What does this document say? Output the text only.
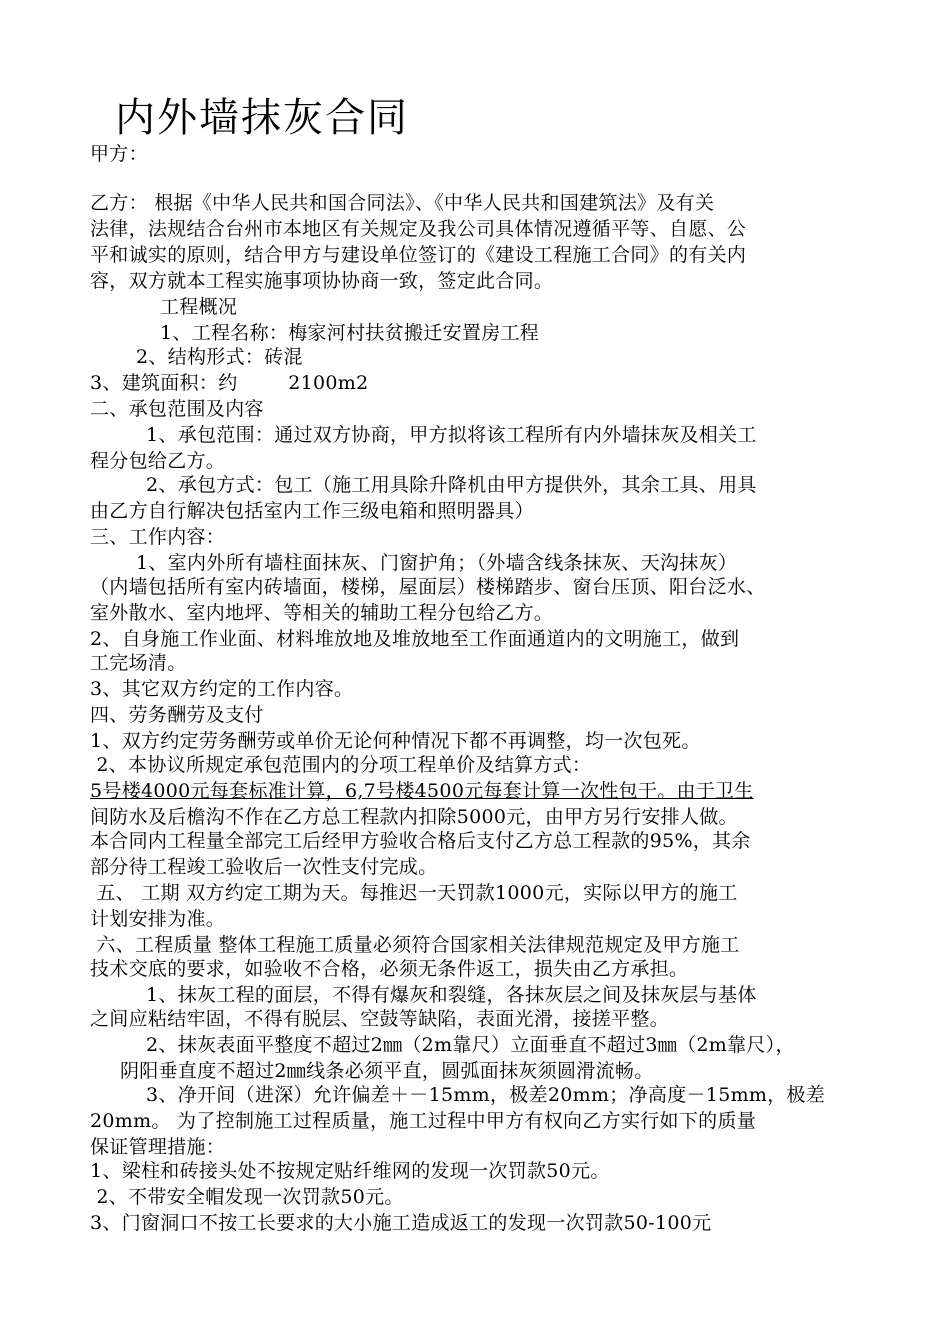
内外墙抹灰合同
甲方：
乙方： 根据《中华人民共和国合同法》、《中华人民共和国建筑法》及有关
法律，法规结合台州市本地区有关规定及我公司具体情况遵循平等、自愿、公
平和诚实的原则，结合甲方与建设单位签订的《建设工程施工合同》的有关内
容，双方就本工程实施事项协协商一致，签定此合同。
工程概况
1、工程名称：梅家河村扶贫搬迁安置房工程
2、结构形式：砖混
3、建筑面积：约        2100m2
二、承包范围及内容
1、承包范围：通过双方协商，甲方拟将该工程所有内外墙抹灰及相关工
程分包给乙方。
2、承包方式：包工（施工用具除升降机由甲方提供外，其余工具、用具
由乙方自行解决包括室内工作三级电箱和照明器具）
三、工作内容：
1、室内外所有墙柱面抹灰、门窗护角；（外墙含线条抹灰、天沟抹灰）
（内墙包括所有室内砖墙面，楼梯，屋面层）楼梯踏步、窗台压顶、阳台泛水、
室外散水、室内地坪、等相关的辅助工程分包给乙方。
2、自身施工作业面、材料堆放地及堆放地至工作面通道内的文明施工，做到
工完场清。
3、其它双方约定的工作内容。
四、劳务酬劳及支付
1、双方约定劳务酬劳或单价无论何种情况下都不再调整，均一次包死。
2、本协议所规定承包范围内的分项工程单价及结算方式：
5号楼4000元每套标准计算，6,7号楼4500元每套计算一次性包干。由于卫生
间防水及后檐沟不作在乙方总工程款内扣除5000元，由甲方另行安排人做。
本合同内工程量全部完工后经甲方验收合格后支付乙方总工程款的95%，其余
部分待工程竣工验收后一次性支付完成。
五、 工期 双方约定工期为天。每推迟一天罚款1000元，实际以甲方的施工
计划安排为准。
六、工程质量 整体工程施工质量必须符合国家相关法律规范规定及甲方施工
技术交底的要求，如验收不合格，必须无条件返工，损失由乙方承担。
1、抹灰工程的面层，不得有爆灰和裂缝，各抹灰层之间及抹灰层与基体
之间应粘结牢固，不得有脱层、空鼓等缺陷，表面光滑，接搓平整。
2、抹灰表面平整度不超过2㎜（2m靠尺）立面垂直不超过3㎜（2m靠尺），
阴阳垂直度不超过2㎜线条必须平直，圆弧面抹灰须圆滑流畅。
3、净开间（进深）允许偏差＋－15mm，极差20mm；净高度－15mm，极差
20mm。 为了控制施工过程质量，施工过程中甲方有权向乙方实行如下的质量
保证管理措施：
1、梁柱和砖接头处不按规定贴纤维网的发现一次罚款50元。
2、不带安全帽发现一次罚款50元。
3、门窗洞口不按工长要求的大小施工造成返工的发现一次罚款50-100元
